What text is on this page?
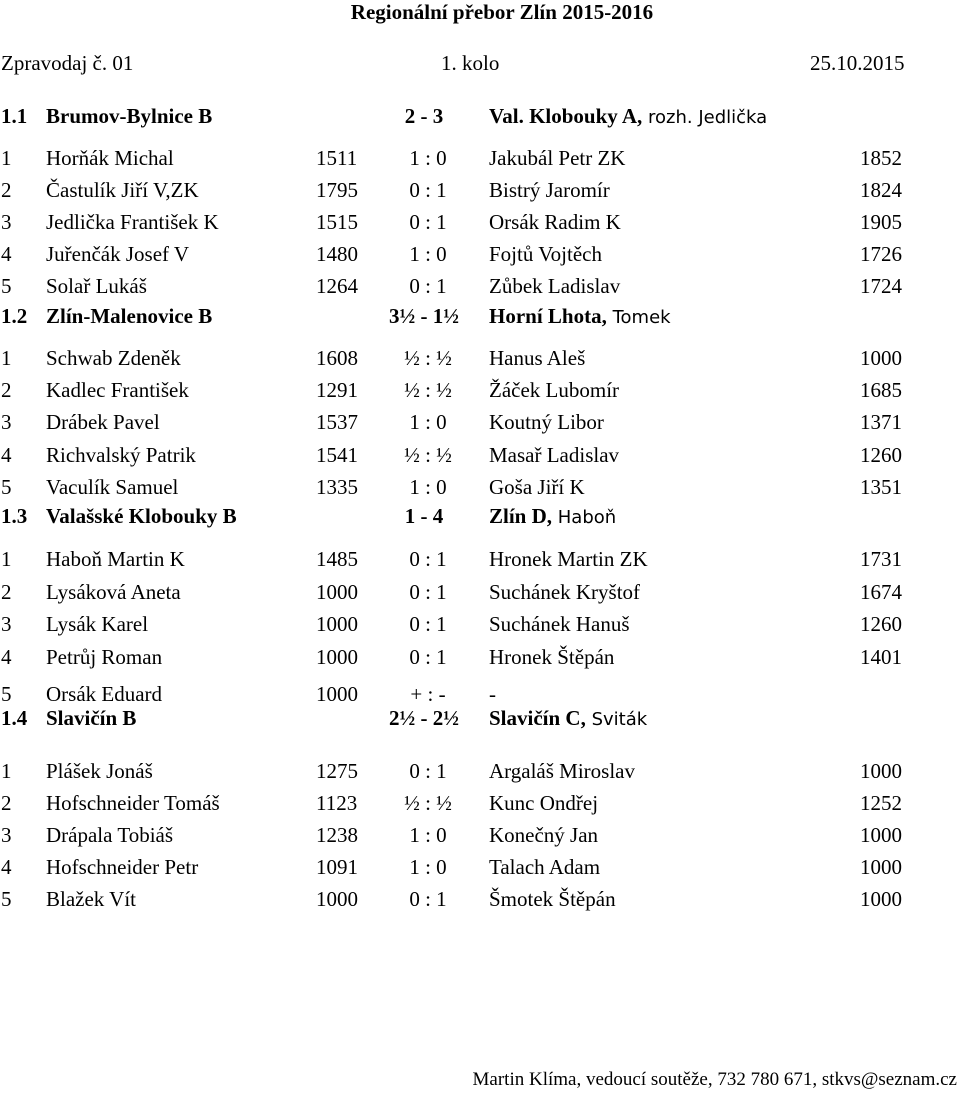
Regionální přebor Zlín 2015-2016
Zpravodaj č. 01	1. kolo	25.10.2015
1.1 Brumov-Bylnice B	2 - 3	Val. Klobouky A, rozh. Jedlička
1 Horňák Michal	1511	1 : 0	Jakubál Petr ZK	1852
2 Častulík Jiří V,ZK	1795	0 : 1	Bistrý Jaromír	1824
3 Jedlička František K	1515	0 : 1	Orsák Radim K	1905
4 Juřenčák Josef V	1480	1 : 0	Fojtů Vojtěch	1726
5 Solař Lukáš	1264	0 : 1	Zůbek Ladislav	1724
1.2 Zlín-Malenovice B	3½ - 1½	Horní Lhota, Tomek
1 Schwab Zdeněk	1608	½ : ½	Hanus Aleš	1000
2 Kadlec František	1291	½ : ½	Žáček Lubomír	1685
3 Drábek Pavel	1537	1 : 0	Koutný Libor	1371
4 Richvalský Patrik	1541	½ : ½	Masař Ladislav	1260
5 Vaculík Samuel	1335	1 : 0	Goša Jiří K	1351
1.3 Valašské Klobouky B	1 - 4	Zlín D, Haboň
1 Haboň Martin K	1485	0 : 1	Hronek Martin ZK	1731
2 Lysáková Aneta	1000	0 : 1	Suchánek Kryštof	1674
3 Lysák Karel	1000	0 : 1	Suchánek Hanuš	1260
4 Petrůj Roman	1000	0 : 1	Hronek Štěpán	1401
5 Orsák Eduard	1000	+ : -	-
1.4 Slavičín B	2½ - 2½	Slavičín C, Sviták
1 Plášek Jonáš	1275	0 : 1	Argaláš Miroslav	1000
2 Hofschneider Tomáš	1123	½ : ½	Kunc Ondřej	1252
3 Drápala Tobiáš	1238	1 : 0	Konečný Jan	1000
4 Hofschneider Petr	1091	1 : 0	Talach Adam	1000
5 Blažek Vít	1000	0 : 1	Šmotek Štěpán	1000
Martin Klíma, vedoucí soutěže, 732 780 671, stkvs@seznam.cz
